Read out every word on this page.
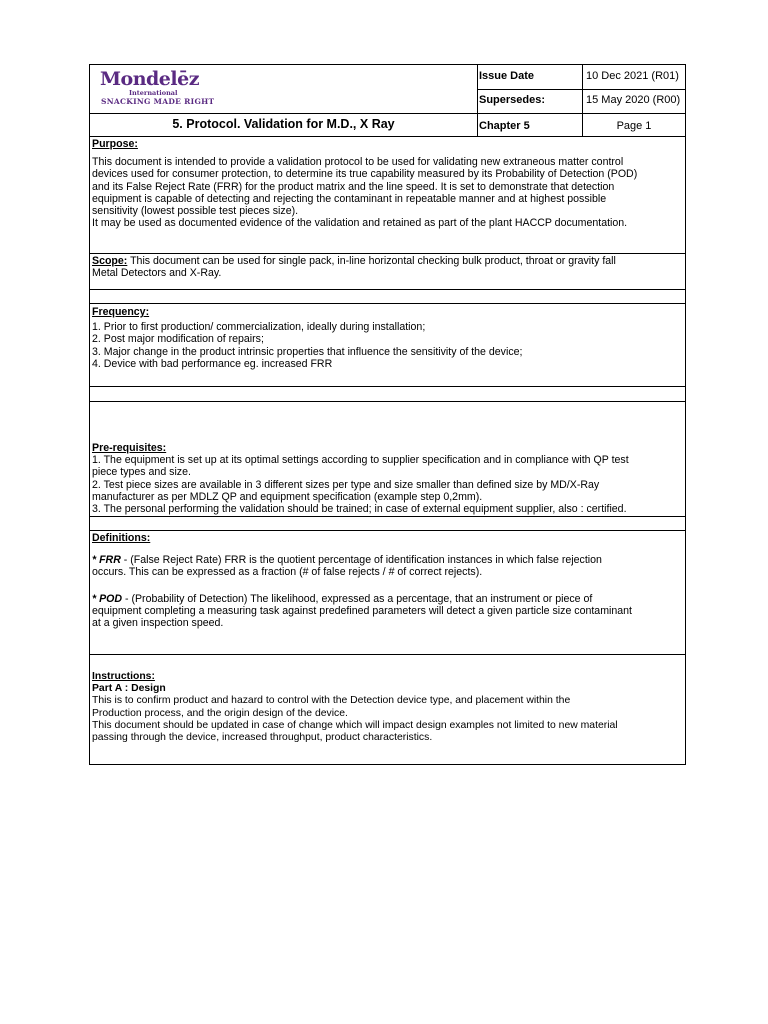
Mondelēz
International
SNACKING MADE RIGHT
Issue Date	10 Dec 2021 (R01)
Supersedes:	15 May 2020 (R00)
5. Protocol. Validation for M.D., X Ray	Chapter 5	Page 1

Purpose:

This document is intended to provide a validation protocol to be used for validating new extraneous matter control

devices used for consumer protection, to determine its true capability measured by its Probability of Detection (POD)

and its False Reject Rate (FRR) for the product matrix and the line speed. It is set to demonstrate that detection

equipment is capable of detecting and rejecting the contaminant in repeatable manner and at highest possible

sensitivity (lowest possible test pieces size).

It may be used as documented evidence of the validation and retained as part of the plant HACCP documentation.

Scope: This document can be used for single pack, in-line horizontal checking bulk product, throat or gravity fall

Metal Detectors and X-Ray.

Frequency:

1. Prior to first production/ commercialization, ideally during installation;

2. Post major modification of repairs;

3. Major change in the product intrinsic properties that influence the sensitivity of the device;

4. Device with bad performance eg. increased FRR

Pre-requisites:

1. The equipment is set up at its optimal settings according to supplier specification and in compliance with QP test

piece types and size.

2. Test piece sizes are available in 3 different sizes per type and size smaller than defined size by MD/X-Ray

manufacturer as per MDLZ QP and equipment specification (example step 0,2mm).

3. The personal performing the validation should be trained; in case of external equipment supplier, also : certified.

Definitions:

* FRR - (False Reject Rate) FRR is the quotient percentage of identification instances in which false rejection

occurs. This can be expressed as a fraction (# of false rejects / # of correct rejects).

* POD - (Probability of Detection) The likelihood, expressed as a percentage, that an instrument or piece of

equipment completing a measuring task against predefined parameters will detect a given particle size contaminant

at a given inspection speed.

Instructions:

Part A : Design

This is to confirm product and hazard to control with the Detection device type, and placement within the

Production process, and the origin design of the device.

This document should be updated in case of change which will impact design examples not limited to new material

passing through the device, increased throughput, product characteristics.
